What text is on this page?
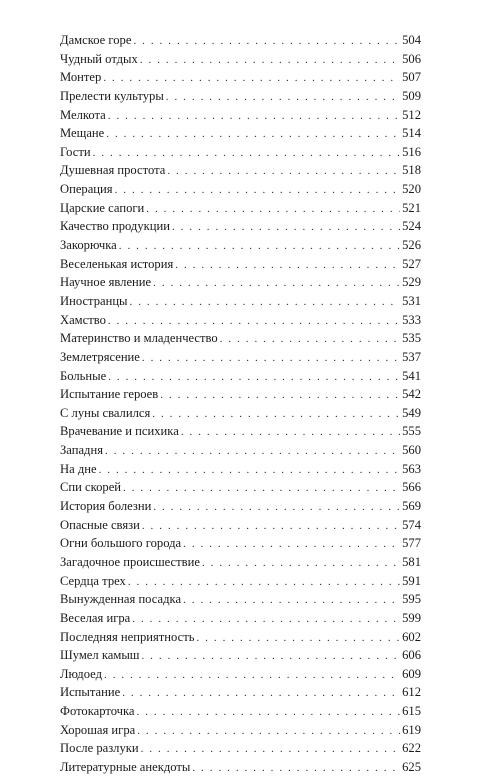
Дамское горе . . .	504
Чудный отдых . . .	506
Монтер . . .	507
Прелести культуры . . .	509
Мелкота . . .	512
Мещане . . .	514
Гости . . .	516
Душевная простота . . .	518
Операция . . .	520
Царские сапоги . . .	521
Качество продукции . . .	524
Закорючка . . .	526
Веселенькая история . . .	527
Научное явление . . .	529
Иностранцы . . .	531
Хамство . . .	533
Материнство и младенчество . . .	535
Землетрясение . . .	537
Больные . . .	541
Испытание героев . . .	542
С луны свалился . . .	549
Врачевание и психика . . .	555
Западня . . .	560
На дне . . .	563
Спи скорей . . .	566
История болезни . . .	569
Опасные связи . . .	574
Огни большого города . . .	577
Загадочное происшествие . . .	581
Сердца трех . . .	591
Вынужденная посадка . . .	595
Веселая игра . . .	599
Последняя неприятность . . .	602
Шумел камыш . . .	606
Людоед . . .	609
Испытание . . .	612
Фотокарточка . . .	615
Хорошая игра . . .	619
После разлуки . . .	622
Литературные анекдоты . . .	625
